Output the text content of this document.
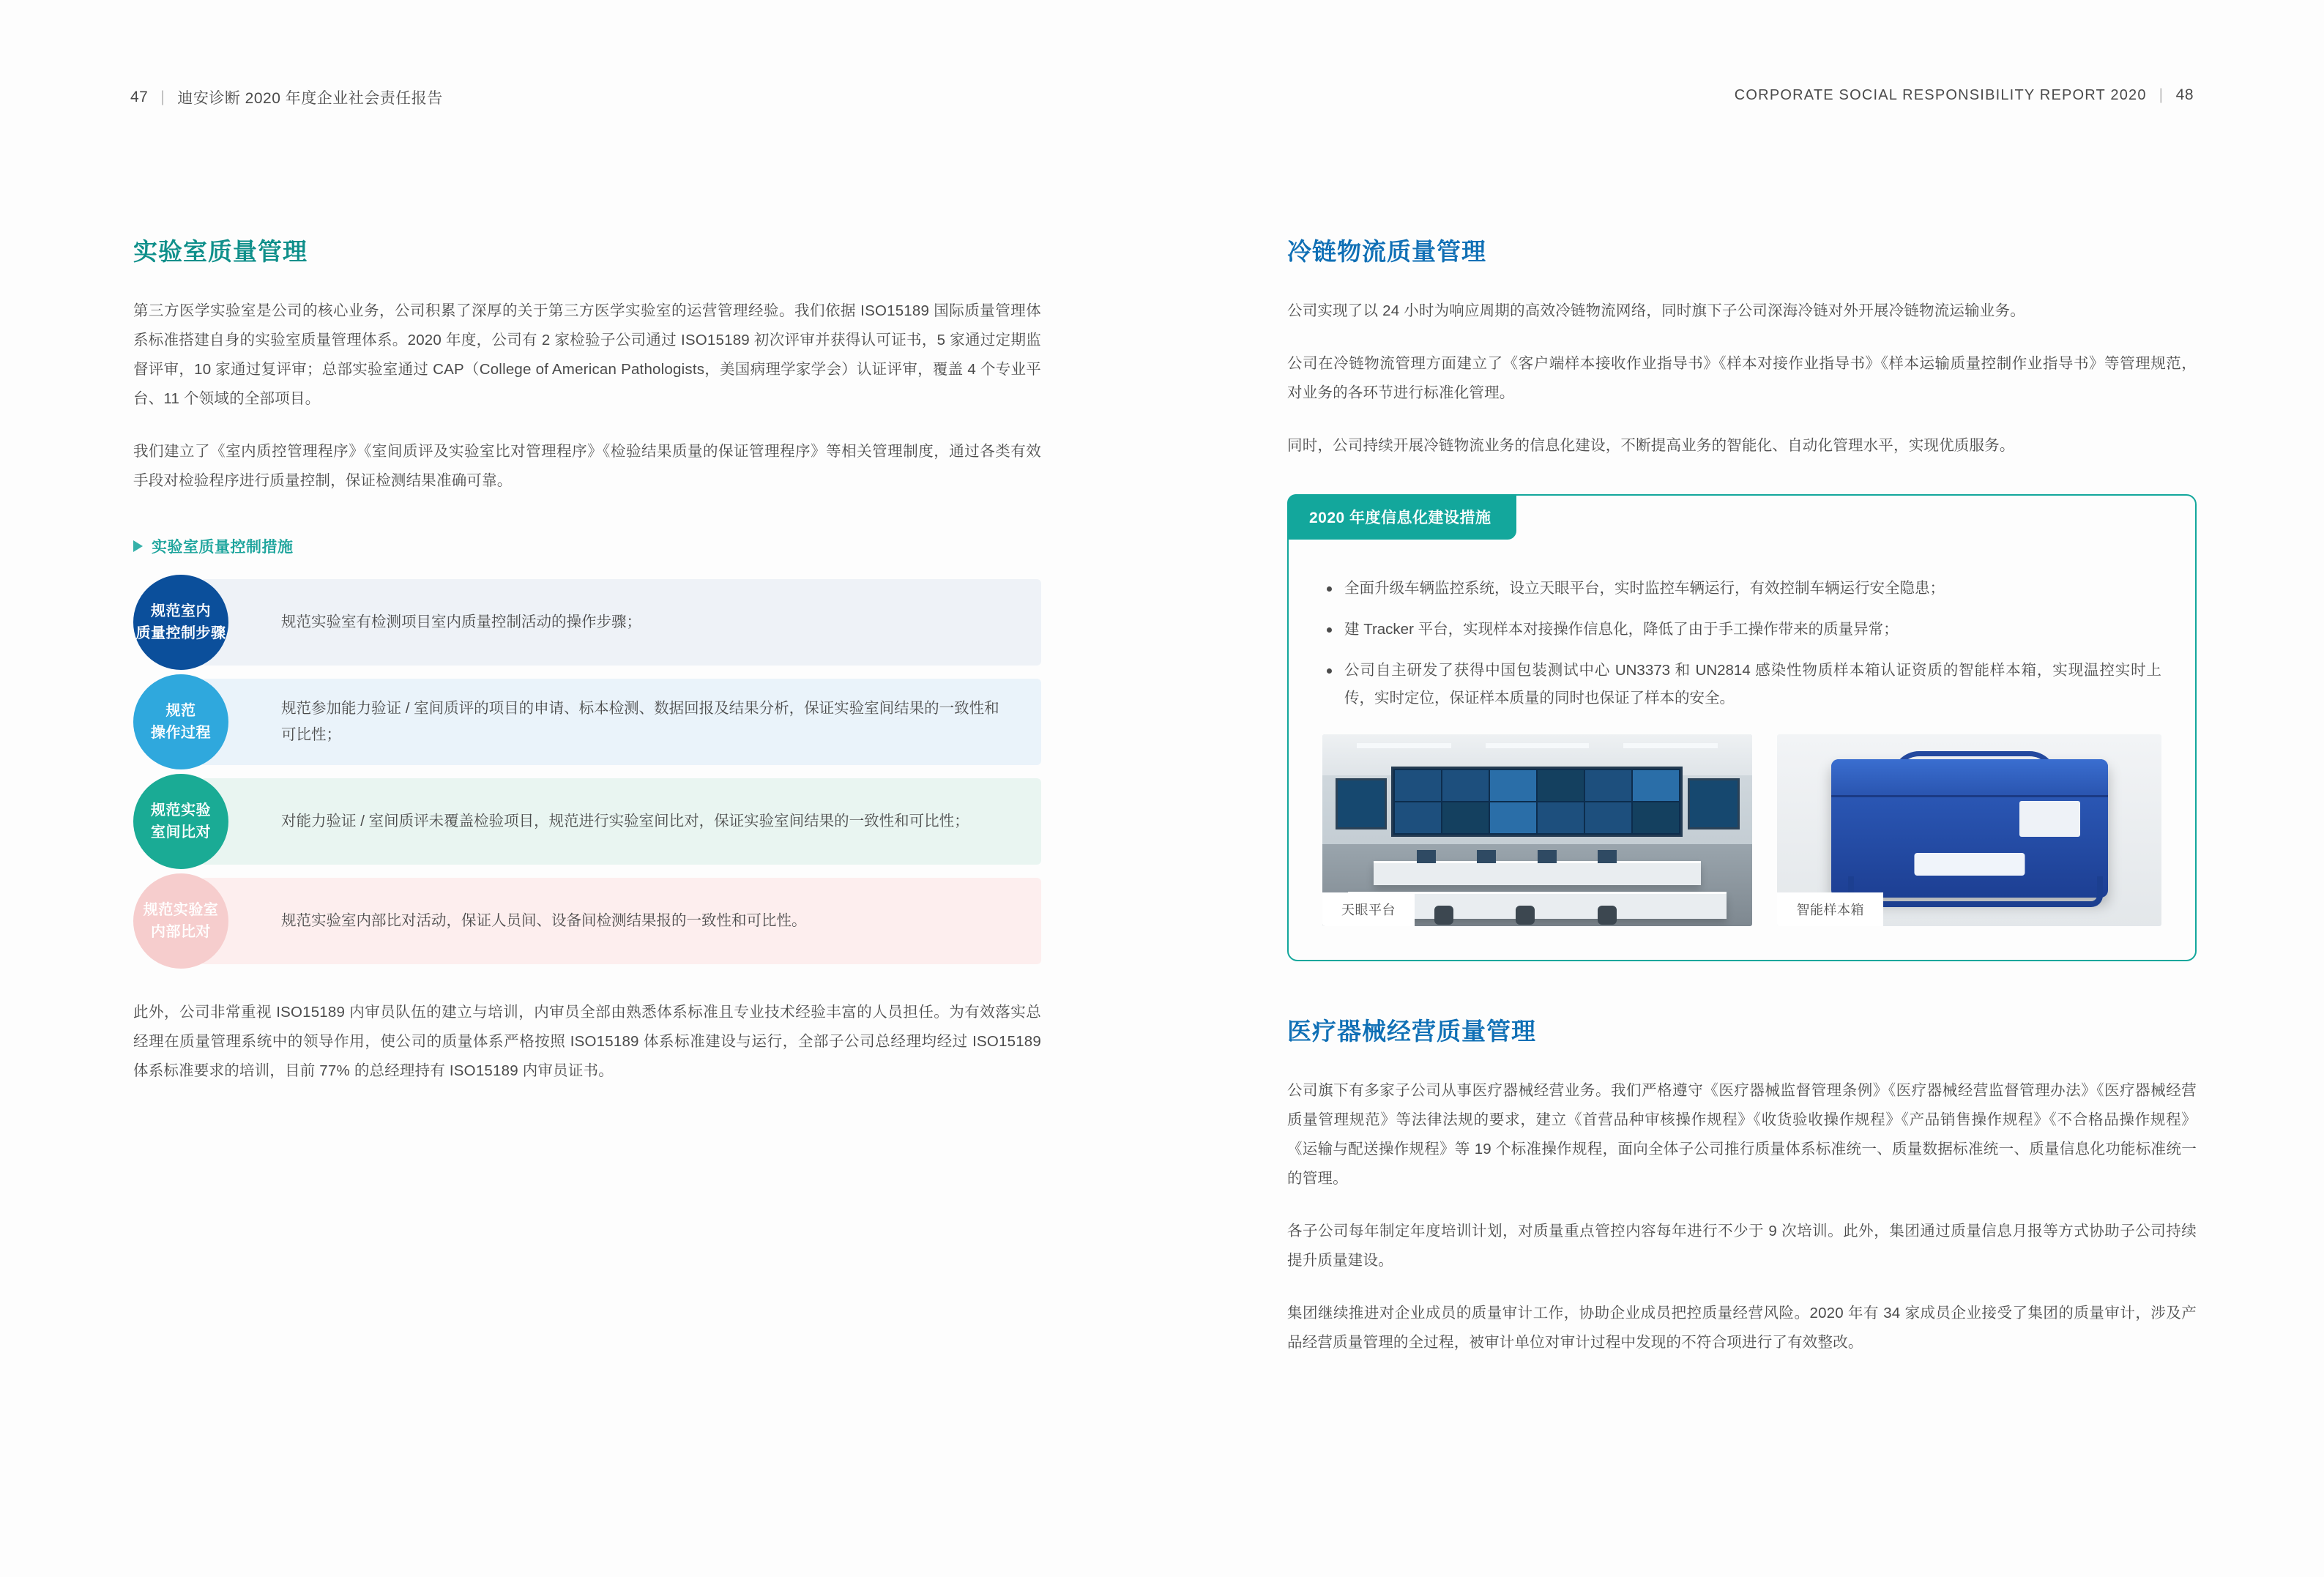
47 | 迪安诊断 2020 年度企业社会责任报告	CORPORATE SOCIAL RESPONSIBILITY REPORT 2020 | 48
实验室质量管理

第三方医学实验室是公司的核心业务，公司积累了深厚的关于第三方医学实验室的运营管理经验。我们依据 ISO15189 国际质量管理体系标准搭建自身的实验室质量管理体系。2020 年度，公司有 2 家检验子公司通过 ISO15189 初次评审并获得认可证书，5 家通过定期监督评审，10 家通过复评审；总部实验室通过 CAP（College of American Pathologists，美国病理学家学会）认证评审，覆盖 4 个专业平台、11 个领域的全部项目。

我们建立了《室内质控管理程序》《室间质评及实验室比对管理程序》《检验结果质量的保证管理程序》等相关管理制度，通过各类有效手段对检验程序进行质量控制，保证检测结果准确可靠。

实验室质量控制措施
规范实验室有检测项目室内质量控制活动的操作步骤；
规范室内
质量控制步骤
规范参加能力验证 / 室间质评的项目的申请、标本检测、数据回报及结果分析，保证实验室间结果的一致性和可比性；
规范
操作过程
对能力验证 / 室间质评未覆盖检验项目，规范进行实验室间比对，保证实验室间结果的一致性和可比性；
规范实验
室间比对
规范实验室内部比对活动，保证人员间、设备间检测结果报的一致性和可比性。
规范实验室
内部比对

此外，公司非常重视 ISO15189 内审员队伍的建立与培训，内审员全部由熟悉体系标准且专业技术经验丰富的人员担任。为有效落实总经理在质量管理系统中的领导作用，使公司的质量体系严格按照 ISO15189 体系标准建设与运行，全部子公司总经理均经过 ISO15189 体系标准要求的培训，目前 77% 的总经理持有 ISO15189 内审员证书。

冷链物流质量管理

公司实现了以 24 小时为响应周期的高效冷链物流网络，同时旗下子公司深海冷链对外开展冷链物流运输业务。

公司在冷链物流管理方面建立了《客户端样本接收作业指导书》《样本对接作业指导书》《样本运输质量控制作业指导书》等管理规范，对业务的各环节进行标准化管理。

同时，公司持续开展冷链物流业务的信息化建设，不断提高业务的智能化、自动化管理水平，实现优质服务。

2020 年度信息化建设措施
全面升级车辆监控系统，设立天眼平台，实时监控车辆运行，有效控制车辆运行安全隐患；
建 Tracker 平台，实现样本对接操作信息化，降低了由于手工操作带来的质量异常；
公司自主研发了获得中国包装测试中心 UN3373 和 UN2814 感染性物质样本箱认证资质的智能样本箱，实现温控实时上传，实时定位，保证样本质量的同时也保证了样本的安全。
天眼平台	智能样本箱
医疗器械经营质量管理

公司旗下有多家子公司从事医疗器械经营业务。我们严格遵守《医疗器械监督管理条例》《医疗器械经营监督管理办法》《医疗器械经营质量管理规范》等法律法规的要求，建立《首营品种审核操作规程》《收货验收操作规程》《产品销售操作规程》《不合格品操作规程》《运输与配送操作规程》等 19 个标准操作规程，面向全体子公司推行质量体系标准统一、质量数据标准统一、质量信息化功能标准统一的管理。

各子公司每年制定年度培训计划，对质量重点管控内容每年进行不少于 9 次培训。此外，集团通过质量信息月报等方式协助子公司持续提升质量建设。

集团继续推进对企业成员的质量审计工作，协助企业成员把控质量经营风险。2020 年有 34 家成员企业接受了集团的质量审计，涉及产品经营质量管理的全过程，被审计单位对审计过程中发现的不符合项进行了有效整改。
